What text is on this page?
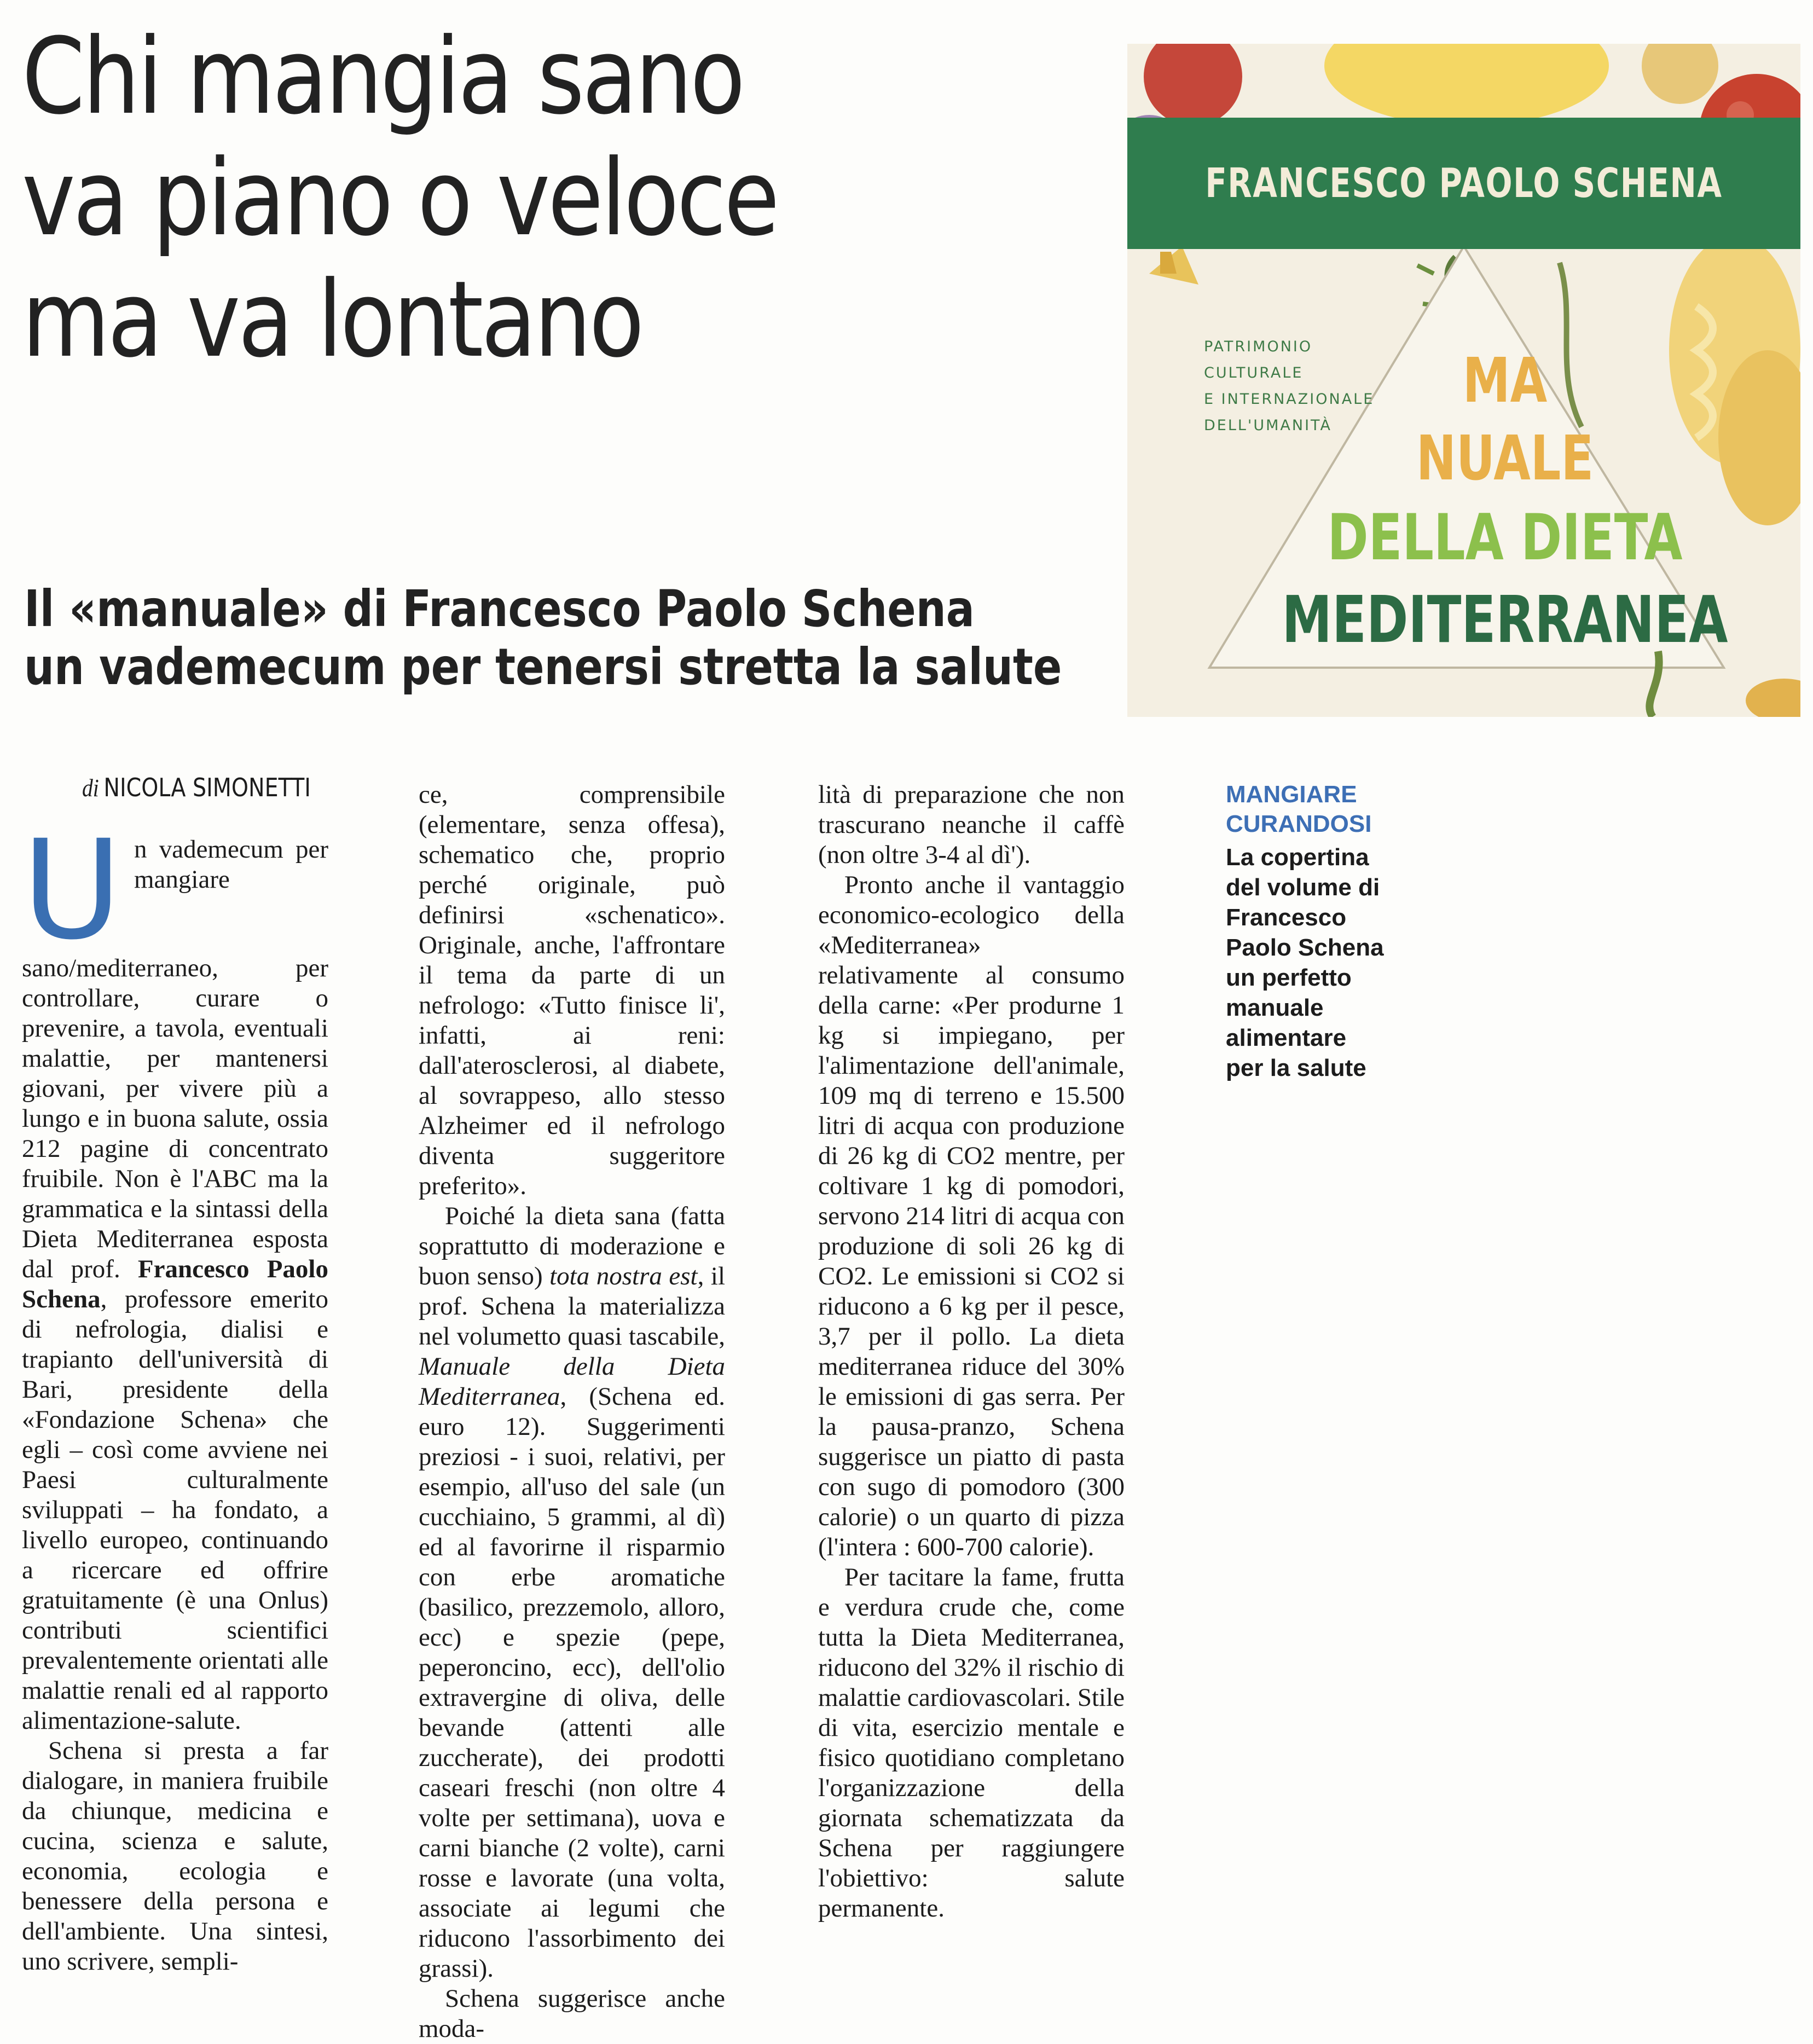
Chi mangia sano
va piano o veloce
ma va lontano
Il «manuale» di Francesco Paolo Schena
un vademecum per tenersi stretta la salute
FRANCESCO PAOLO SCHENA
PATRIMONIO CULTURALE
E INTERNAZIONALE
DELL'UMANITÀ
MA
NUALE
DELLA DIETA
MEDITERRANEA
di NICOLA SIMONETTI

Un vademecum per mangiare sano/mediterraneo, per controllare, curare o prevenire, a tavola, eventuali malattie, per mantenersi giovani, per vivere più a lungo e in buona salute, ossia 212 pagine di concentrato fruibile. Non è l'ABC ma la grammatica e la sintassi della Dieta Mediterranea esposta dal prof. Francesco Paolo Schena, professore emerito di nefrologia, dialisi e trapianto dell'università di Bari, presidente della «Fondazione Schena» che egli – così come avviene nei Paesi culturalmente sviluppati – ha fondato, a livello europeo, continuando a ricercare ed offrire gratuitamente (è una Onlus) contributi scientifici prevalentemente orientati alle malattie renali ed al rapporto alimentazione-salute.

Schena si presta a far dialogare, in maniera fruibile da chiunque, medicina e cucina, scienza e salute, economia, ecologia e benessere della persona e dell'ambiente. Una sintesi, uno scrivere, sempli-

ce, comprensibile (elementare, senza offesa), schematico che, proprio perché originale, può definirsi «schenatico». Originale, anche, l'affrontare il tema da parte di un nefrologo: «Tutto finisce li', infatti, ai reni: dall'aterosclerosi, al diabete, al sovrappeso, allo stesso Alzheimer ed il nefrologo diventa suggeritore preferito».

Poiché la dieta sana (fatta soprattutto di moderazione e buon senso) tota nostra est, il prof. Schena la materializza nel volumetto quasi tascabile, Manuale della Dieta Mediterranea, (Schena ed. euro 12). Suggerimenti preziosi - i suoi, relativi, per esempio, all'uso del sale (un cucchiaino, 5 grammi, al dì) ed al favorirne il risparmio con erbe aromatiche (basilico, prezzemolo, alloro, ecc) e spezie (pepe, peperoncino, ecc), dell'olio extravergine di oliva, delle bevande (attenti alle zuccherate), dei prodotti caseari freschi (non oltre 4 volte per settimana), uova e carni bianche (2 volte), carni rosse e lavorate (una volta, associate ai legumi che riducono l'assorbimento dei grassi).

Schena suggerisce anche moda-

lità di preparazione che non trascurano neanche il caffè (non oltre 3-4 al dì').

Pronto anche il vantaggio economico-ecologico della «Mediterranea» relativamente al consumo della carne: «Per produrne 1 kg si impiegano, per l'alimentazione dell'animale, 109 mq di terreno e 15.500 litri di acqua con produzione di 26 kg di CO2 mentre, per coltivare 1 kg di pomodori, servono 214 litri di acqua con produzione di soli 26 kg di CO2. Le emissioni si CO2 si riducono a 6 kg per il pesce, 3,7 per il pollo. La dieta mediterranea riduce del 30% le emissioni di gas serra. Per la pausa-pranzo, Schena suggerisce un piatto di pasta con sugo di pomodoro (300 calorie) o un quarto di pizza (l'intera : 600-700 calorie).

Per tacitare la fame, frutta e verdura crude che, come tutta la Dieta Mediterranea, riducono del 32% il rischio di malattie cardiovascolari. Stile di vita, esercizio mentale e fisico quotidiano completano l'organizzazione della giornata schematizzata da Schena per raggiungere l'obiettivo: salute permanente.

MANGIARE
CURANDOSI
La copertina
del volume di
Francesco
Paolo Schena
un perfetto
manuale
alimentare
per la salute
